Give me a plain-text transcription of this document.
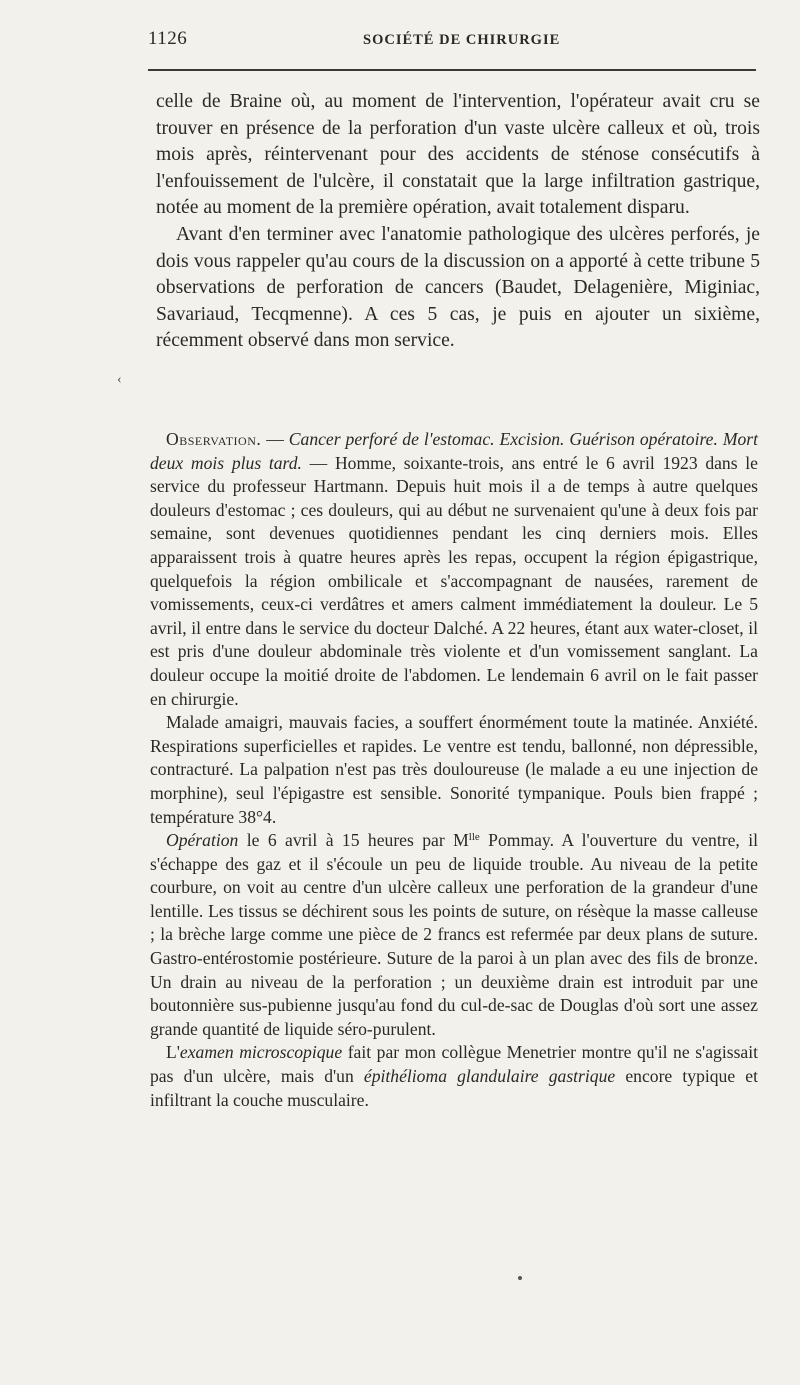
1126	SOCIÉTÉ DE CHIRURGIE

celle de Braine où, au moment de l'intervention, l'opérateur avait cru se trouver en présence de la perforation d'un vaste ulcère calleux et où, trois mois après, réintervenant pour des accidents de sténose consécutifs à l'enfouissement de l'ulcère, il constatait que la large infiltration gastrique, notée au moment de la première opération, avait totalement disparu.

Avant d'en terminer avec l'anatomie pathologique des ulcères perforés, je dois vous rappeler qu'au cours de la discussion on a apporté à cette tribune 5 observations de perforation de cancers (Baudet, Delagenière, Miginiac, Savariaud, Tecqmenne). A ces 5 cas, je puis en ajouter un sixième, récemment observé dans mon service.

‹

Observation. — Cancer perforé de l'estomac. Excision. Guérison opératoire. Mort deux mois plus tard. — Homme, soixante-trois, ans entré le 6 avril 1923 dans le service du professeur Hartmann. Depuis huit mois il a de temps à autre quelques douleurs d'estomac ; ces douleurs, qui au début ne survenaient qu'une à deux fois par semaine, sont devenues quotidiennes pendant les cinq derniers mois. Elles apparaissent trois à quatre heures après les repas, occupent la région épigastrique, quelquefois la région ombilicale et s'accompagnant de nausées, rarement de vomissements, ceux-ci verdâtres et amers calment immédiatement la douleur. Le 5 avril, il entre dans le service du docteur Dalché. A 22 heures, étant aux water-closet, il est pris d'une douleur abdominale très violente et d'un vomissement sanglant. La douleur occupe la moitié droite de l'abdomen. Le lendemain 6 avril on le fait passer en chirurgie.

Malade amaigri, mauvais facies, a souffert énormément toute la matinée. Anxiété. Respirations superficielles et rapides. Le ventre est tendu, ballonné, non dépressible, contracturé. La palpation n'est pas très douloureuse (le malade a eu une injection de morphine), seul l'épigastre est sensible. Sonorité tympanique. Pouls bien frappé ; température 38°4.

Opération le 6 avril à 15 heures par $M^{lle}$ Pommay. A l'ouverture du ventre, il s'échappe des gaz et il s'écoule un peu de liquide trouble. Au niveau de la petite courbure, on voit au centre d'un ulcère calleux une perforation de la grandeur d'une lentille. Les tissus se déchirent sous les points de suture, on résèque la masse calleuse ; la brèche large comme une pièce de 2 francs est refermée par deux plans de suture. Gastro-entérostomie postérieure. Suture de la paroi à un plan avec des fils de bronze. Un drain au niveau de la perforation ; un deuxième drain est introduit par une boutonnière sus-pubienne jusqu'au fond du cul-de-sac de Douglas d'où sort une assez grande quantité de liquide séro-purulent.

L'examen microscopique fait par mon collègue Menetrier montre qu'il ne s'agissait pas d'un ulcère, mais d'un épithélioma glandulaire gastrique encore typique et infiltrant la couche musculaire.
